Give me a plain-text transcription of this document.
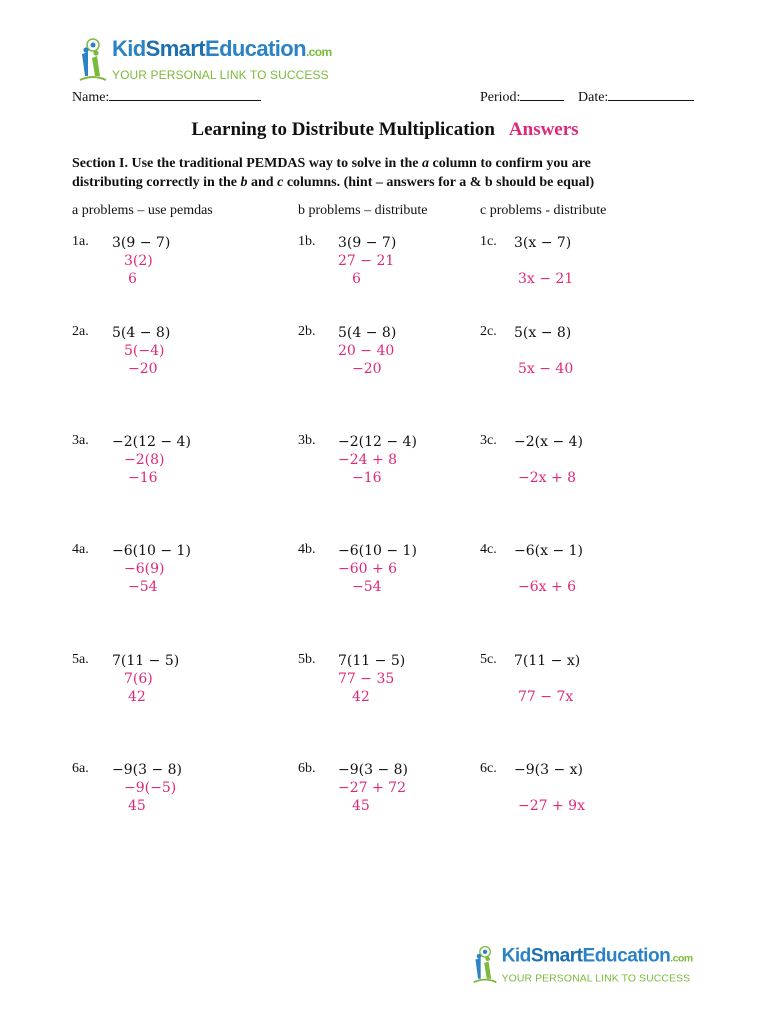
KidSmartEducation.com
YOUR PERSONAL LINK TO SUCCESS
Name:	Period:	Date:
Learning to Distribute Multiplication Answers
Section I. Use the traditional PEMDAS way to solve in the a column to confirm you are
distributing correctly in the b and c columns. (hint – answers for a & b should be equal)
a problems – use pemdas	b problems – distribute	c problems - distribute
1a. 3(9 − 7)
3(2)
6
1b. 3(9 − 7)
27 − 21
6
1c. 3(x − 7)
3x − 21
2a. 5(4 − 8)
5(−4)
−20
2b. 5(4 − 8)
20 − 40
−20
2c. 5(x − 8)
5x − 40
3a. −2(12 − 4)
−2(8)
−16
3b. −2(12 − 4)
−24 + 8
−16
3c. −2(x − 4)
−2x + 8
4a. −6(10 − 1)
−6(9)
−54
4b. −6(10 − 1)
−60 + 6
−54
4c. −6(x − 1)
−6x + 6
5a. 7(11 − 5)
7(6)
42
5b. 7(11 − 5)
77 − 35
42
5c. 7(11 − x)
77 − 7x
6a. −9(3 − 8)
−9(−5)
45
6b. −9(3 − 8)
−27 + 72
45
6c. −9(3 − x)
−27 + 9x
KidSmartEducation.com
YOUR PERSONAL LINK TO SUCCESS
